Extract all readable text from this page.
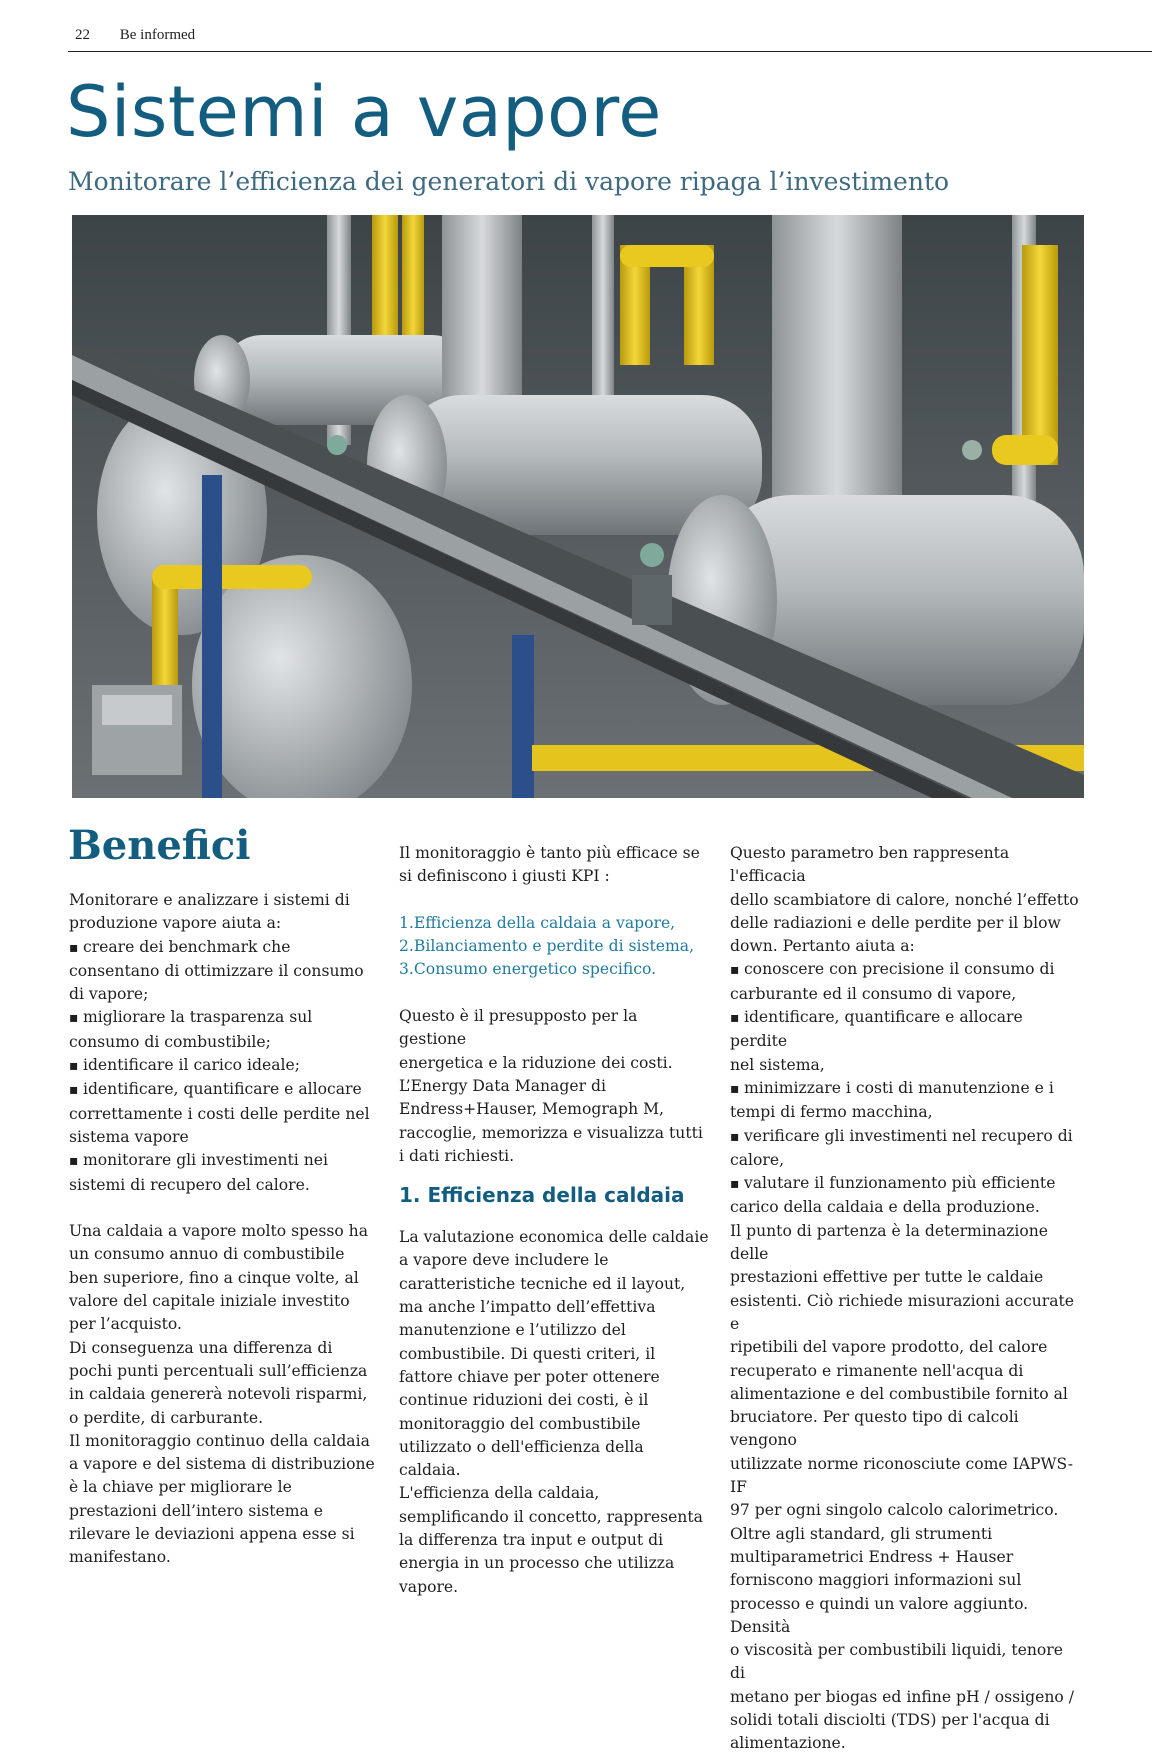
22 Be informed
Sistemi a vapore
Monitorare l’efficienza dei generatori di vapore ripaga l’investimento
Benefici

Monitorare e analizzare i sistemi di
produzione vapore aiuta a:

▪ creare dei benchmark che
consentano di ottimizzare il consumo
di vapore;
▪ migliorare la trasparenza sul
consumo di combustibile;
▪ identificare il carico ideale;
▪ identificare, quantificare e allocare
correttamente i costi delle perdite nel
sistema vapore
▪ monitorare gli investimenti nei
sistemi di recupero del calore.

Una caldaia a vapore molto spesso ha
un consumo annuo di combustibile
ben superiore, fino a cinque volte, al
valore del capitale iniziale investito
per l’acquisto.
Di conseguenza una differenza di
pochi punti percentuali sull’efficienza
in caldaia genererà notevoli risparmi,
o perdite, di carburante.
Il monitoraggio continuo della caldaia
a vapore e del sistema di distribuzione
è la chiave per migliorare le
prestazioni dell’intero sistema e
rilevare le deviazioni appena esse si
manifestano.

Il monitoraggio è tanto più efficace se
si definiscono i giusti KPI :

1.Efficienza della caldaia a vapore,
2.Bilanciamento e perdite di sistema,
3.Consumo energetico specifico.

Questo è il presupposto per la gestione
energetica e la riduzione dei costi.
L’Energy Data Manager di
Endress+Hauser, Memograph M,
raccoglie, memorizza e visualizza tutti
i dati richiesti.

1. Efficienza della caldaia

La valutazione economica delle caldaie
a vapore deve includere le
caratteristiche tecniche ed il layout,
ma anche l’impatto dell’effettiva
manutenzione e l’utilizzo del
combustibile. Di questi criteri, il
fattore chiave per poter ottenere
continue riduzioni dei costi, è il
monitoraggio del combustibile
utilizzato o dell'efficienza della caldaia.
L'efficienza della caldaia,
semplificando il concetto, rappresenta
la differenza tra input e output di
energia in un processo che utilizza
vapore.

Questo parametro ben rappresenta l'efficacia
dello scambiatore di calore, nonché l’effetto
delle radiazioni e delle perdite per il blow
down. Pertanto aiuta a:

▪ conoscere con precisione il consumo di
carburante ed il consumo di vapore,
▪ identificare, quantificare e allocare perdite
nel sistema,
▪ minimizzare i costi di manutenzione e i
tempi di fermo macchina,
▪ verificare gli investimenti nel recupero di
calore,
▪ valutare il funzionamento più efficiente
carico della caldaia e della produzione.

Il punto di partenza è la determinazione delle
prestazioni effettive per tutte le caldaie
esistenti. Ciò richiede misurazioni accurate e
ripetibili del vapore prodotto, del calore
recuperato e rimanente nell'acqua di
alimentazione e del combustibile fornito al
bruciatore. Per questo tipo di calcoli vengono
utilizzate norme riconosciute come IAPWS-IF
97 per ogni singolo calcolo calorimetrico.
Oltre agli standard, gli strumenti
multiparametrici Endress + Hauser
forniscono maggiori informazioni sul
processo e quindi un valore aggiunto. Densità
o viscosità per combustibili liquidi, tenore di
metano per biogas ed infine pH / ossigeno /
solidi totali disciolti (TDS) per l'acqua di
alimentazione.
